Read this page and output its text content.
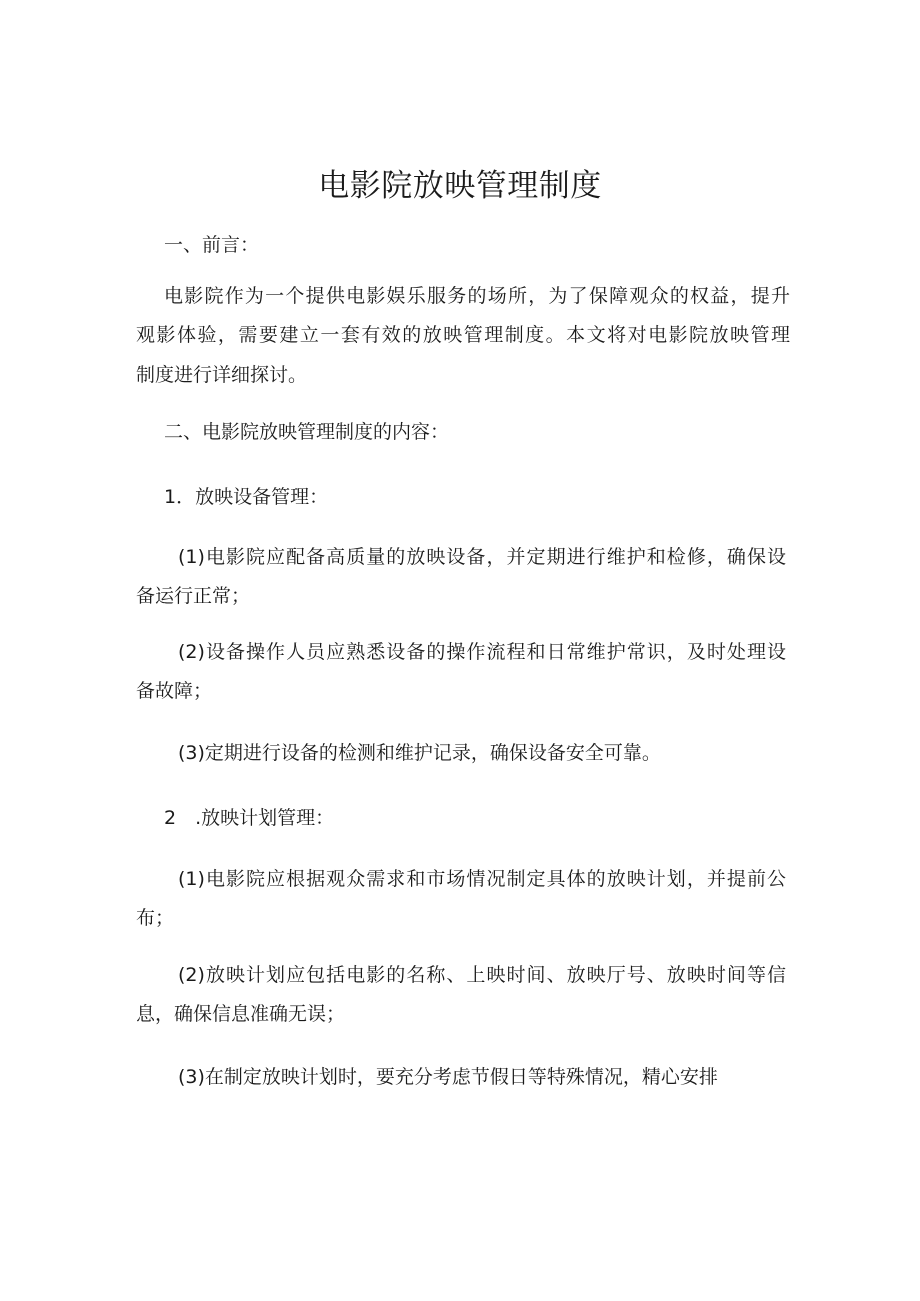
电影院放映管理制度

一、前言：

电影院作为一个提供电影娱乐服务的场所，为了保障观众的权益，提升

观影体验，需要建立一套有效的放映管理制度。本文将对电影院放映管理

制度进行详细探讨。

二、电影院放映管理制度的内容：

1．放映设备管理：

(1)电影院应配备高质量的放映设备，并定期进行维护和检修，确保设

备运行正常；

(2)设备操作人员应熟悉设备的操作流程和日常维护常识，及时处理设

备故障；

(3)定期进行设备的检测和维护记录，确保设备安全可靠。

2　.放映计划管理：

(1)电影院应根据观众需求和市场情况制定具体的放映计划，并提前公

布；

(2)放映计划应包括电影的名称、上映时间、放映厅号、放映时间等信

息，确保信息准确无误；

(3)在制定放映计划时，要充分考虑节假日等特殊情况，精心安排
